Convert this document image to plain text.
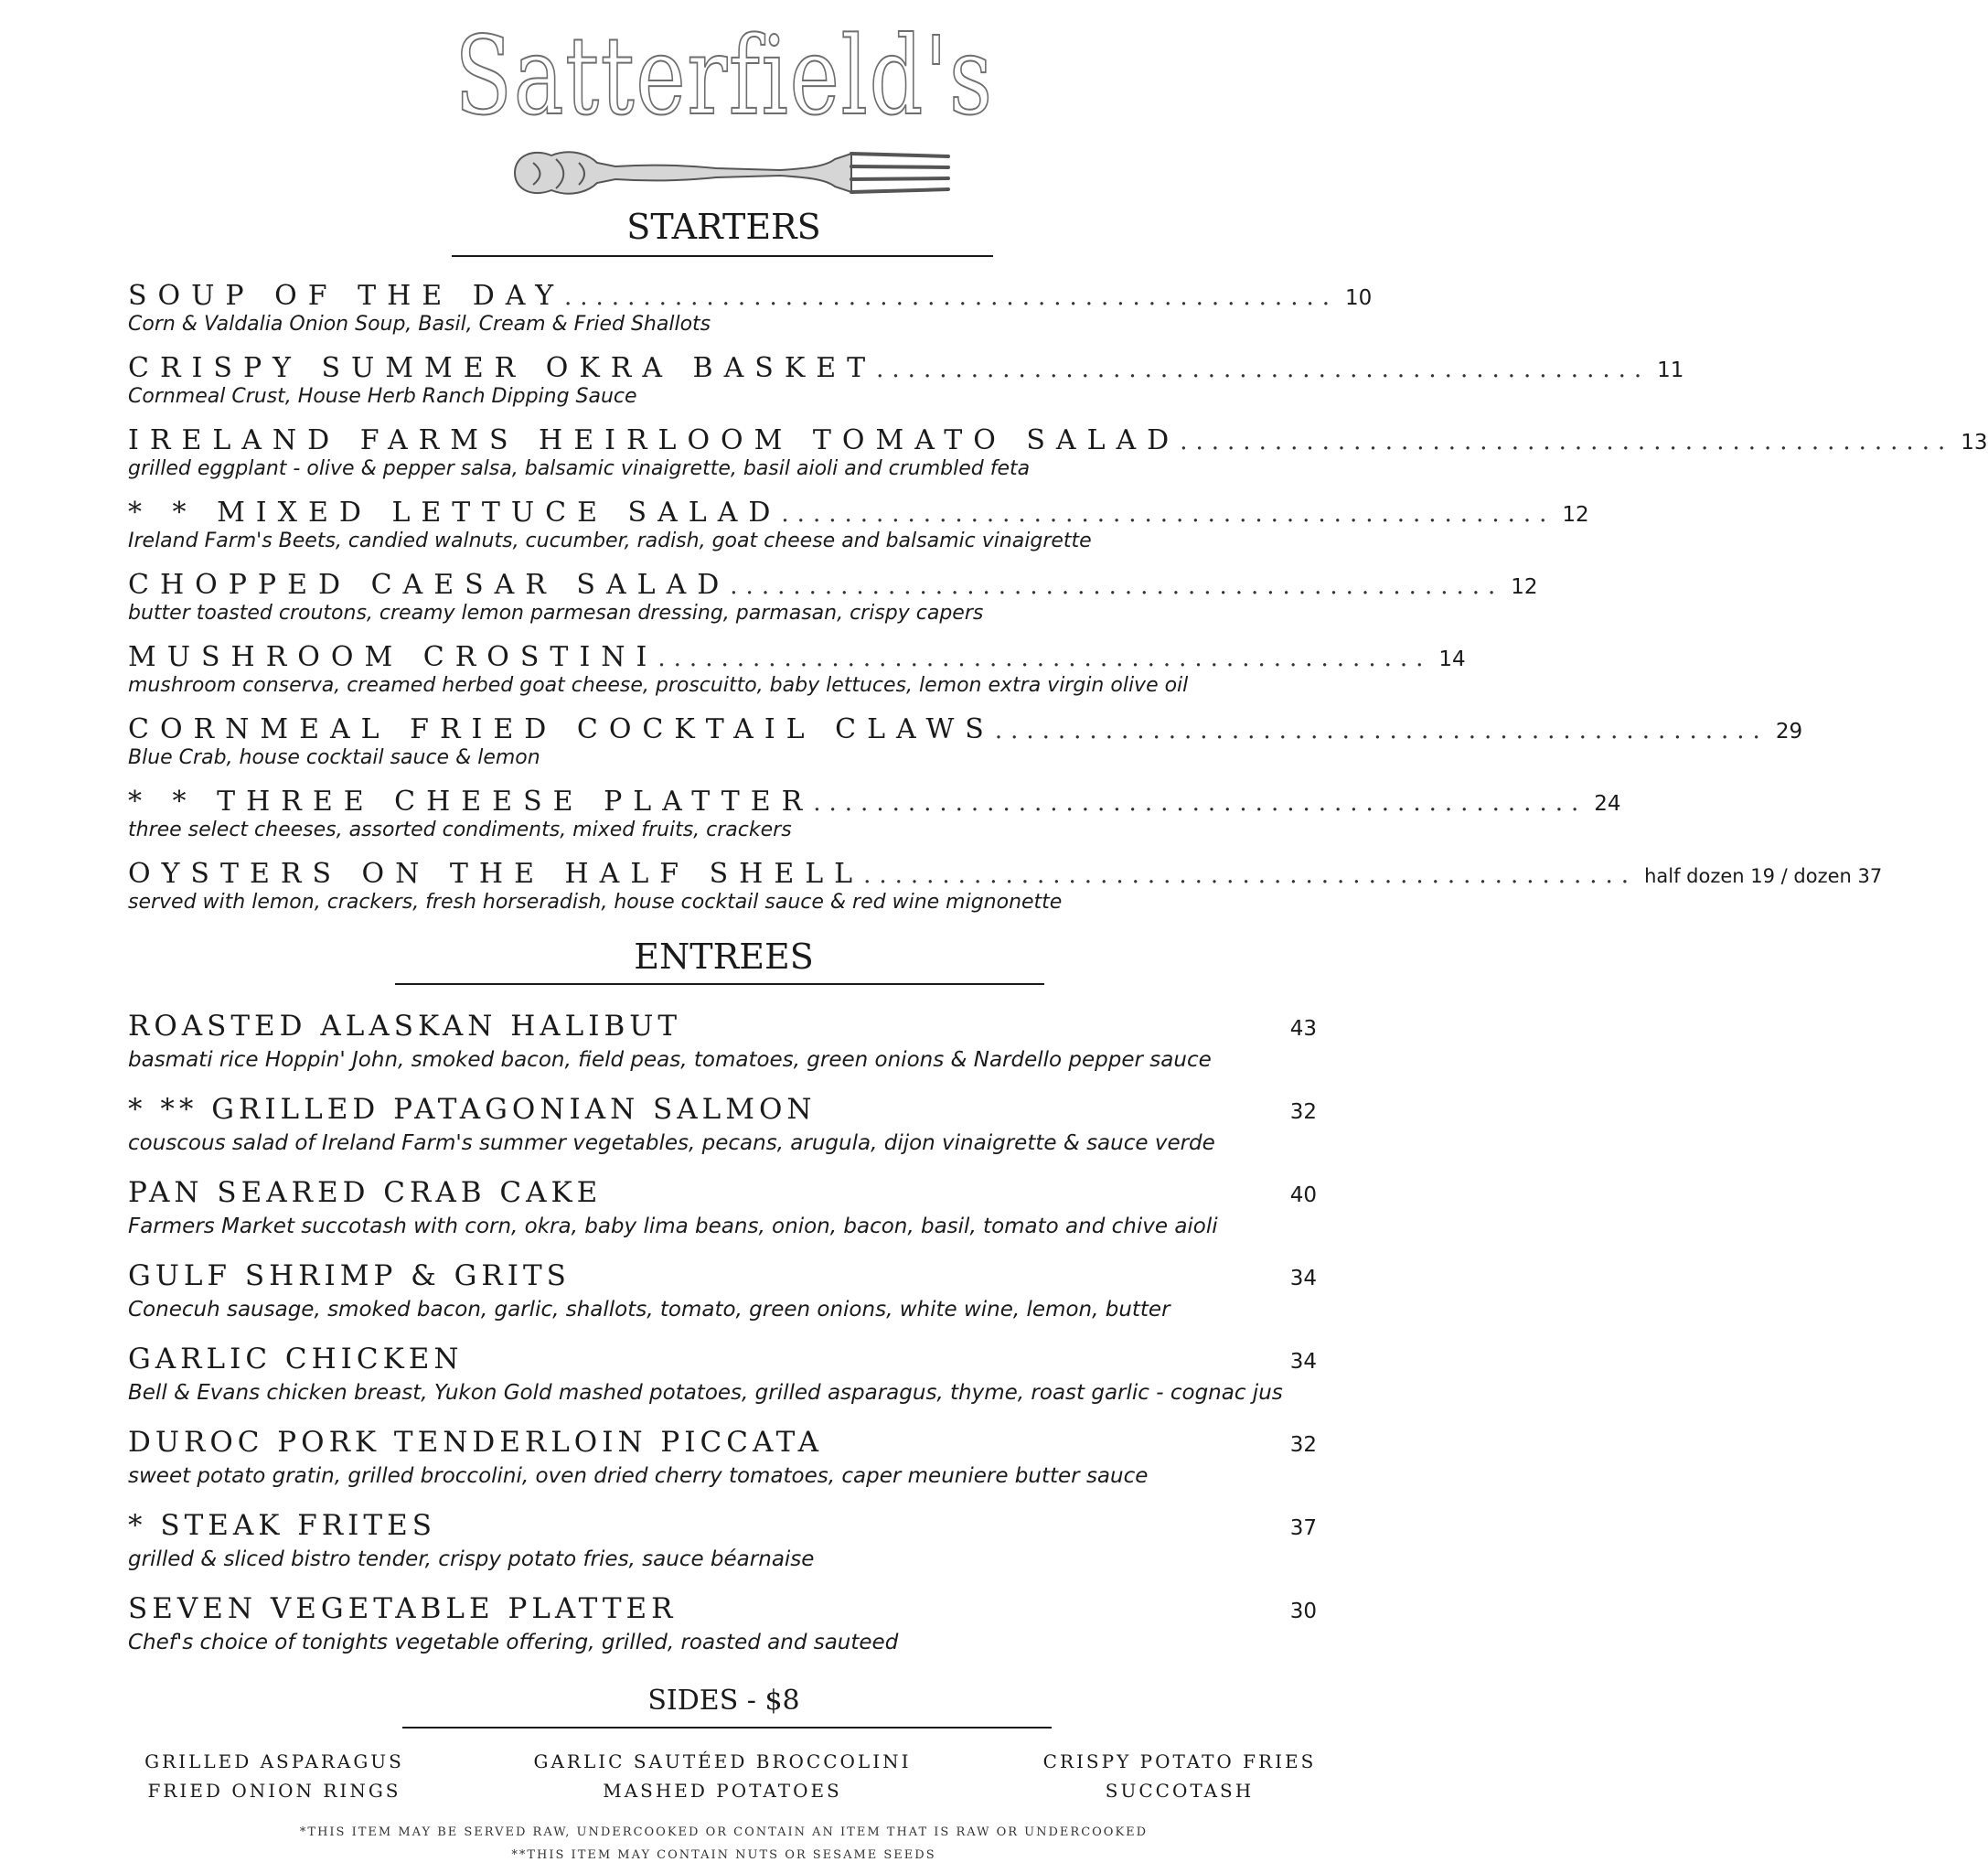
Satterfield's
STARTERS
SOUP OF THE DAY ................................................. 10
Corn & Valdalia Onion Soup, Basil, Cream & Fried Shallots
CRISPY SUMMER OKRA BASKET ................................................. 11
Cornmeal Crust, House Herb Ranch Dipping Sauce
IRELAND FARMS HEIRLOOM TOMATO SALAD ................................................. 13
grilled eggplant - olive & pepper salsa, balsamic vinaigrette, basil aioli and crumbled feta
* * MIXED LETTUCE SALAD ................................................. 12
Ireland Farm's Beets, candied walnuts, cucumber, radish, goat cheese and balsamic vinaigrette
CHOPPED CAESAR SALAD ................................................. 12
butter toasted croutons, creamy lemon parmesan dressing, parmasan, crispy capers
MUSHROOM CROSTINI ................................................. 14
mushroom conserva, creamed herbed goat cheese, proscuitto, baby lettuces, lemon extra virgin olive oil
CORNMEAL FRIED COCKTAIL CLAWS ................................................. 29
Blue Crab, house cocktail sauce & lemon
* * THREE CHEESE PLATTER ................................................. 24
three select cheeses, assorted condiments, mixed fruits, crackers
OYSTERS ON THE HALF SHELL ................................................. half dozen 19 / dozen 37
served with lemon, crackers, fresh horseradish, house cocktail sauce & red wine mignonette
ENTREES
ROASTED ALASKAN HALIBUT	43
basmati rice Hoppin' John, smoked bacon, field peas, tomatoes, green onions & Nardello pepper sauce
* ** GRILLED PATAGONIAN SALMON	32
couscous salad of Ireland Farm's summer vegetables, pecans, arugula, dijon vinaigrette & sauce verde
PAN SEARED CRAB CAKE	40
Farmers Market succotash with corn, okra, baby lima beans, onion, bacon, basil, tomato and chive aioli
GULF SHRIMP & GRITS	34
Conecuh sausage, smoked bacon, garlic, shallots, tomato, green onions, white wine, lemon, butter
GARLIC CHICKEN	34
Bell & Evans chicken breast, Yukon Gold mashed potatoes, grilled asparagus, thyme, roast garlic - cognac jus
DUROC PORK TENDERLOIN PICCATA	32
sweet potato gratin, grilled broccolini, oven dried cherry tomatoes, caper meuniere butter sauce
* STEAK FRITES	37
grilled & sliced bistro tender, crispy potato fries, sauce béarnaise
SEVEN VEGETABLE PLATTER	30
Chef's choice of tonights vegetable offering, grilled, roasted and sauteed
SIDES - $8
GRILLED ASPARAGUS
FRIED ONION RINGS
GARLIC SAUTÉED BROCCOLINI
MASHED POTATOES
CRISPY POTATO FRIES
SUCCOTASH
*THIS ITEM MAY BE SERVED RAW, UNDERCOOKED OR CONTAIN AN ITEM THAT IS RAW OR UNDERCOOKED
**THIS ITEM MAY CONTAIN NUTS OR SESAME SEEDS
